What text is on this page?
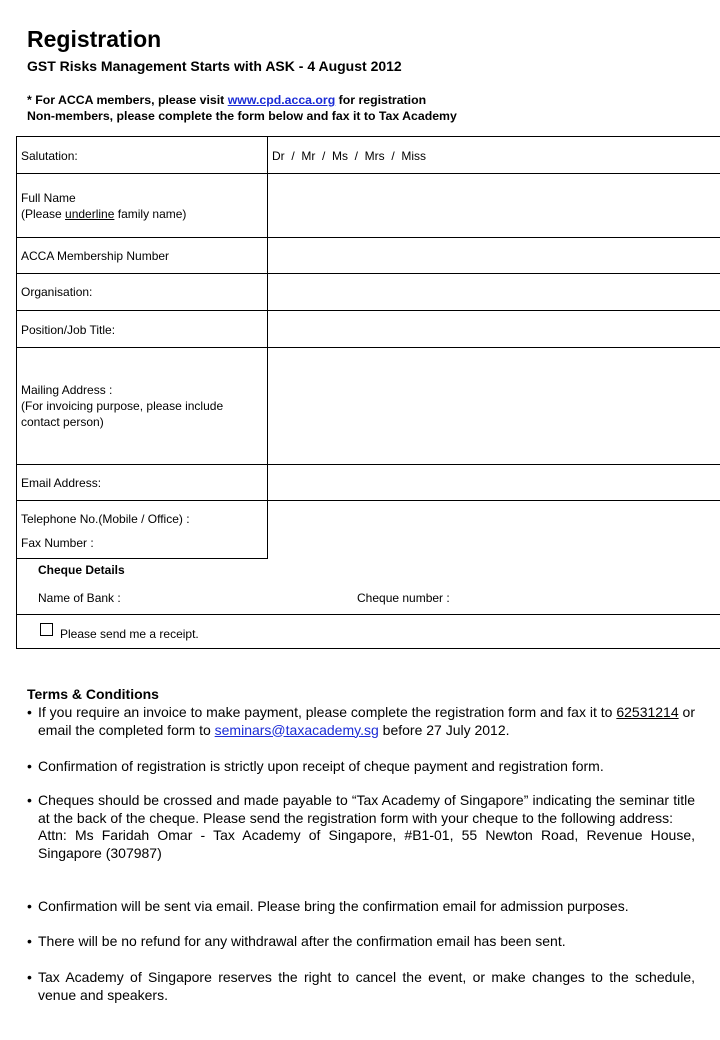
Registration
GST Risks Management Starts with ASK - 4 August 2012
* For ACCA members, please visit www.cpd.acca.org for registration
Non-members, please complete the form below and fax it to Tax Academy
Salutation:	Dr  /  Mr  /  Ms  /  Mrs  /  Miss
Full Name
(Please underline family name)
ACCA Membership Number
Organisation:
Position/Job Title:
Mailing Address :
(For invoicing purpose, please include
contact person)
Email Address:
Telephone No.(Mobile / Office) :
Fax Number :
Cheque Details
Name of Bank :	Cheque number :
Please send me a receipt.
Terms & Conditions
• If you require an invoice to make payment, please complete the registration form and fax it to 62531214 or email the completed form to seminars@taxacademy.sg before 27 July 2012.
• Confirmation of registration is strictly upon receipt of cheque payment and registration form.
• Cheques should be crossed and made payable to “Tax Academy of Singapore” indicating the seminar title at the back of the cheque. Please send the registration form with your cheque to the following address:
Attn: Ms Faridah Omar - Tax Academy of Singapore, #B1-01, 55 Newton Road, Revenue House, Singapore (307987)
• Confirmation will be sent via email. Please bring the confirmation email for admission purposes.
• There will be no refund for any withdrawal after the confirmation email has been sent.
• Tax Academy of Singapore reserves the right to cancel the event, or make changes to the schedule, venue and speakers.
